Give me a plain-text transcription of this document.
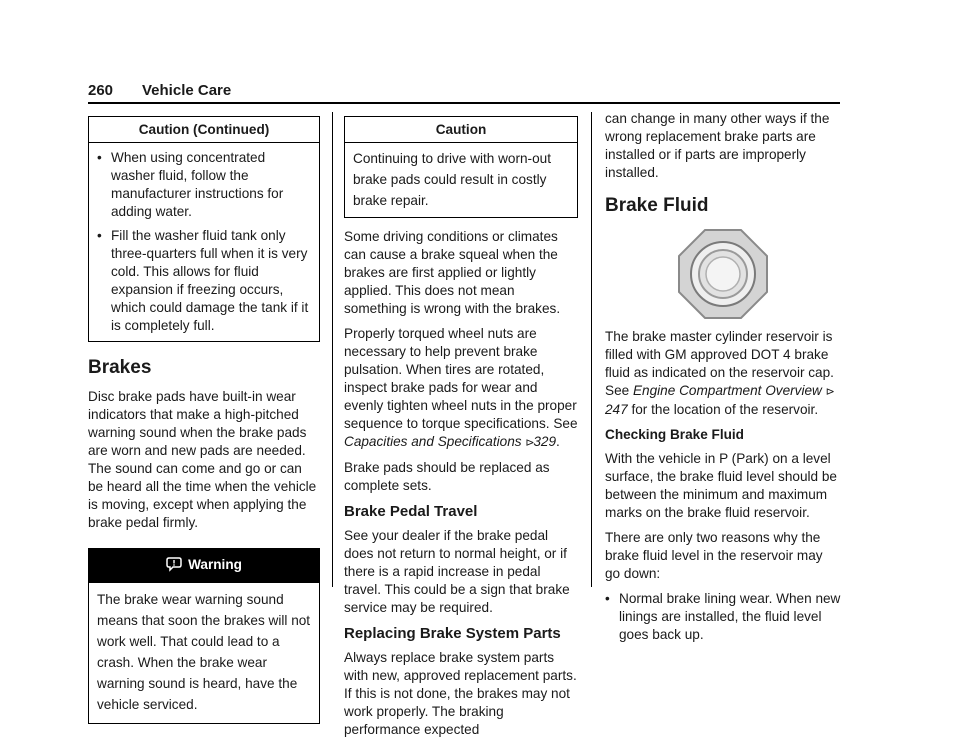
260 Vehicle Care
Caution (Continued)
• When using concentrated washer fluid, follow the manufacturer instructions for adding water.
• Fill the washer fluid tank only three-quarters full when it is very cold. This allows for fluid expansion if freezing occurs, which could damage the tank if it is completely full.
Brakes

Disc brake pads have built-in wear indicators that make a high-pitched warning sound when the brake pads are worn and new pads are needed. The sound can come and go or can be heard all the time when the vehicle is moving, except when applying the brake pedal firmly.

Warning

The brake wear warning sound means that soon the brakes will not work well. That could lead to a crash. When the brake wear warning sound is heard, have the vehicle serviced.

Caution

Continuing to drive with worn-out brake pads could result in costly brake repair.

Some driving conditions or climates can cause a brake squeal when the brakes are first applied or lightly applied. This does not mean something is wrong with the brakes.

Properly torqued wheel nuts are necessary to help prevent brake pulsation. When tires are rotated, inspect brake pads for wear and evenly tighten wheel nuts in the proper sequence to torque specifications. See Capacities and Specifications ⊳329.

Brake pads should be replaced as complete sets.

Brake Pedal Travel

See your dealer if the brake pedal does not return to normal height, or if there is a rapid increase in pedal travel. This could be a sign that brake service may be required.

Replacing Brake System Parts

Always replace brake system parts with new, approved replacement parts. If this is not done, the brakes may not work properly. The braking performance expected

can change in many other ways if the wrong replacement brake parts are installed or if parts are improperly installed.

Brake Fluid

The brake master cylinder reservoir is filled with GM approved DOT 4 brake fluid as indicated on the reservoir cap. See Engine Compartment Overview ⊳247 for the location of the reservoir.

Checking Brake Fluid

With the vehicle in P (Park) on a level surface, the brake fluid level should be between the minimum and maximum marks on the brake fluid reservoir.

There are only two reasons why the brake fluid level in the reservoir may go down:

• Normal brake lining wear. When new linings are installed, the fluid level goes back up.
